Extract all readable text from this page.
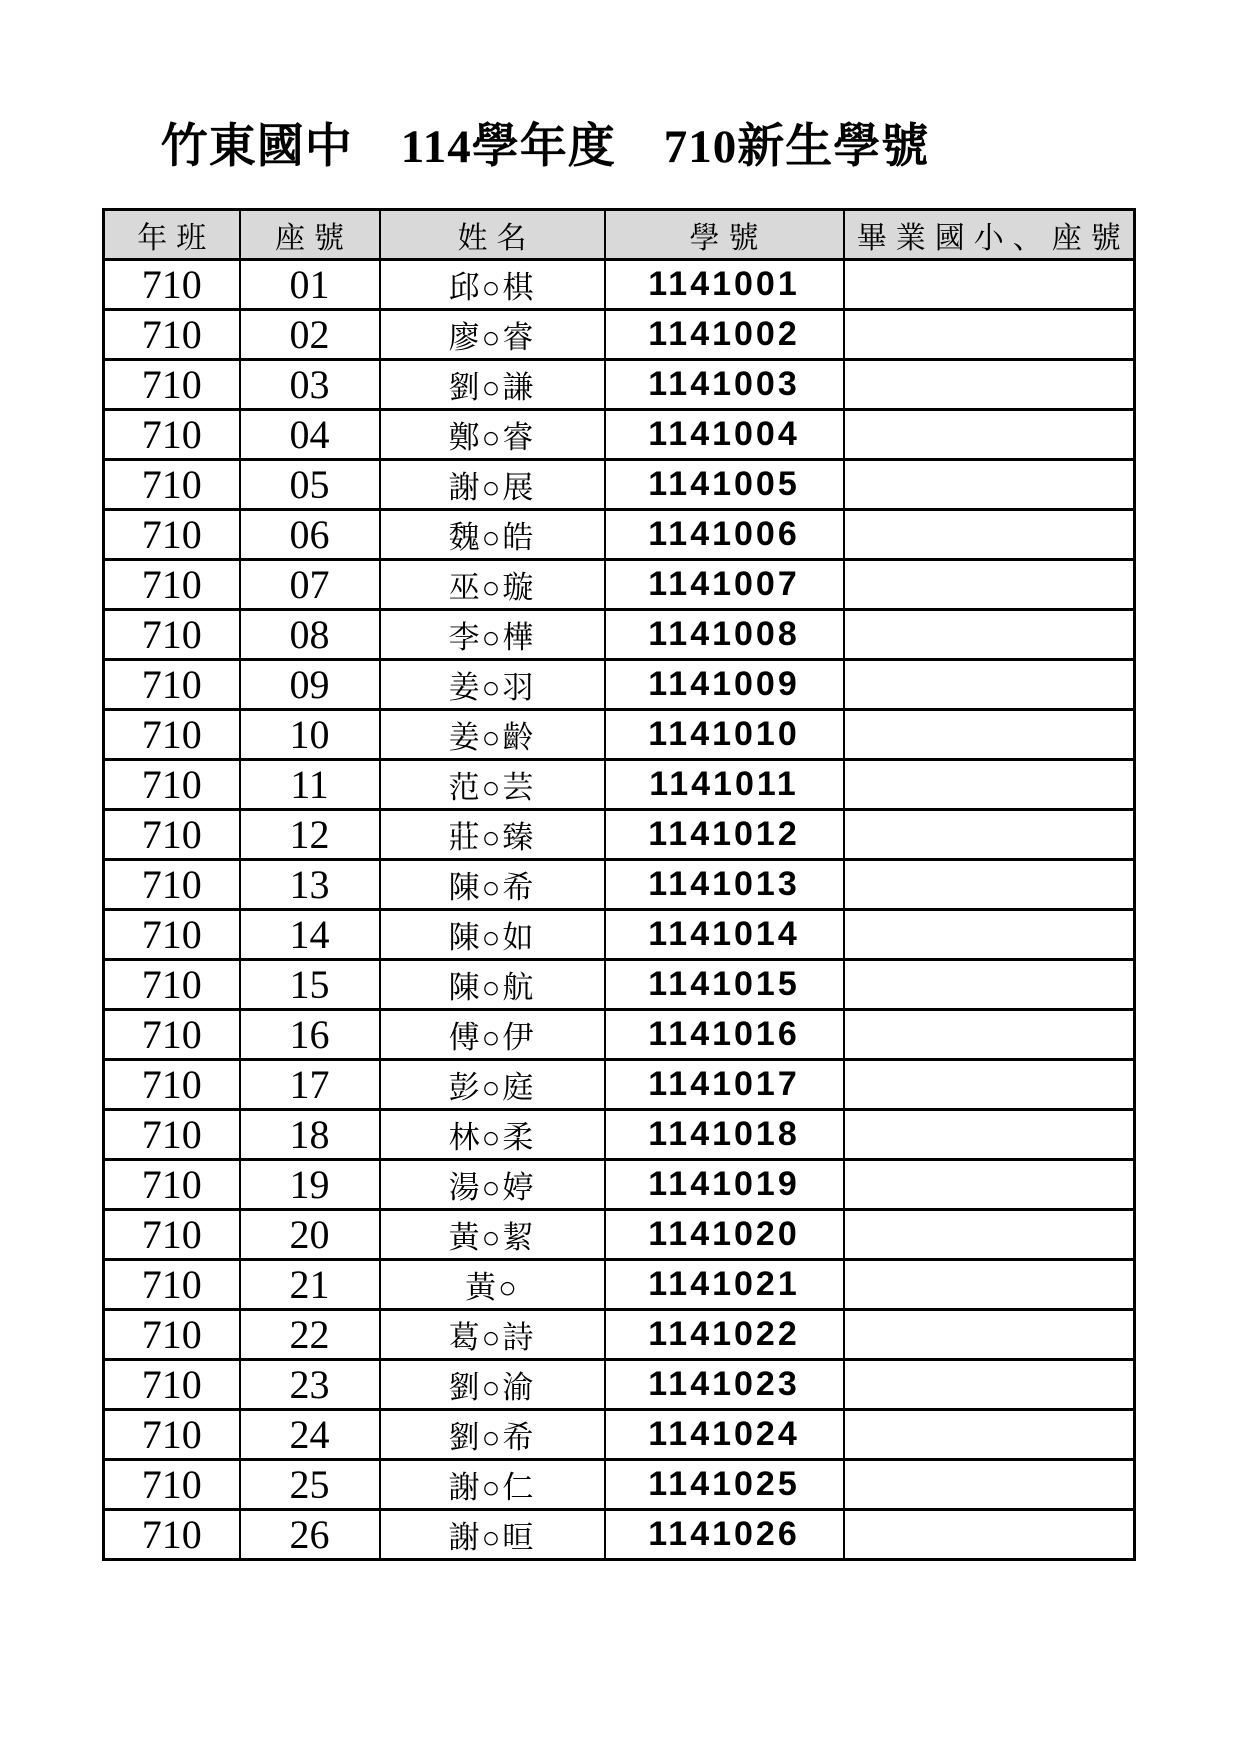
竹東國中　114學年度　710新生學號
年班	座號	姓名	學號	畢業國小、座號
710	01	邱○棋	1141001	
710	02	廖○睿	1141002	
710	03	劉○謙	1141003	
710	04	鄭○睿	1141004	
710	05	謝○展	1141005	
710	06	魏○皓	1141006	
710	07	巫○璇	1141007	
710	08	李○樺	1141008	
710	09	姜○羽	1141009	
710	10	姜○齡	1141010	
710	11	范○芸	1141011	
710	12	莊○臻	1141012	
710	13	陳○希	1141013	
710	14	陳○如	1141014	
710	15	陳○航	1141015	
710	16	傅○伊	1141016	
710	17	彭○庭	1141017	
710	18	林○柔	1141018	
710	19	湯○婷	1141019	
710	20	黃○絜	1141020	
710	21	黃○	1141021	
710	22	葛○詩	1141022	
710	23	劉○渝	1141023	
710	24	劉○希	1141024	
710	25	謝○仁	1141025	
710	26	謝○晅	1141026	
